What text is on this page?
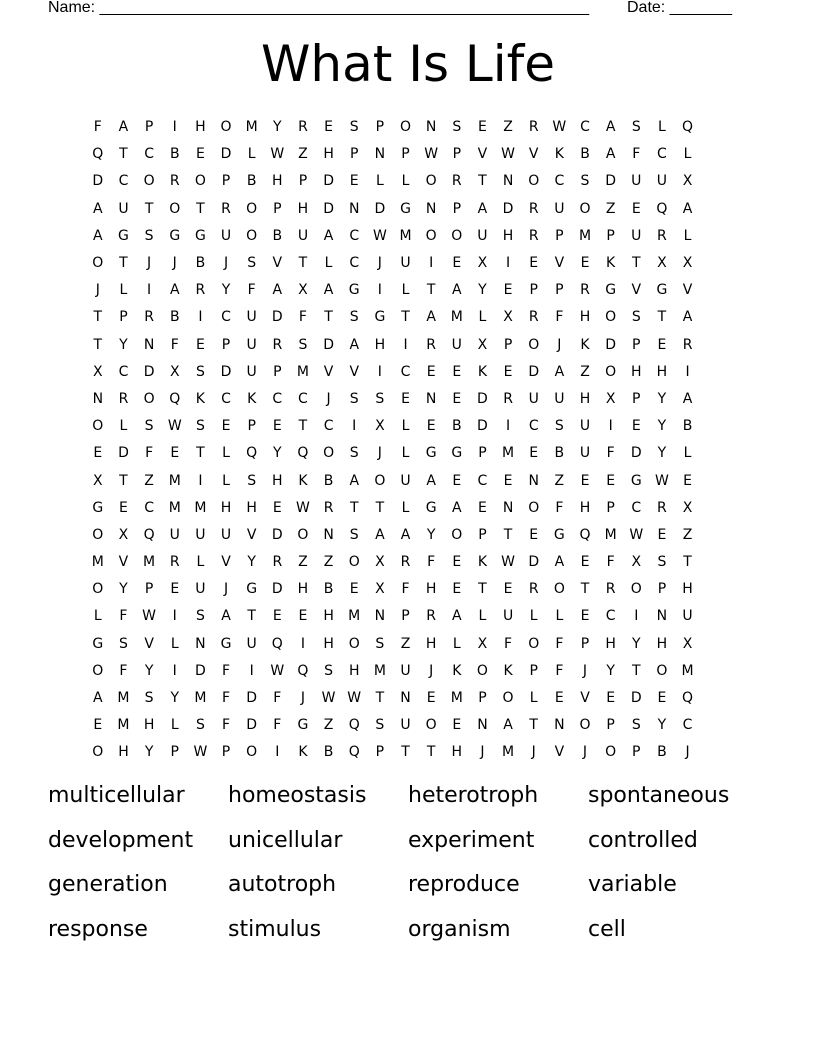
Name: _______________________________________________________ Date: _______
What Is Life
F	A	P	I	H	O	M	Y	R	E	S	P	O	N	S	E	Z	R W C	A	S	L	Q
Q	T	C	B	E	D	L	W Z	H	P	N	P	W	P	V W V	K	B	A	F	C	L
D	C	O	R	O	P	B	H	P	D	E	L	L	O	R	T	N	O	C	S	D	U	U	X
A	U	T	O	T	R	O	P	H	D	N	D	G	N	P	A	D	R	U	O	Z	E	Q	A
A	G	S	G	G	U	O	B	U	A	C W M	O	O	U	H	R	P	M	P	U	R	L
O	T	J	J	B	J	S	V	T	L	C	J	U	I	E	X	I	E	V	E	K	T	X	X
J	L	I	A	R	Y	F	A	X	A	G	I	L	T	A	Y	E	P	P	R	G	V	G	V
T	P	R	B	I	C	U	D	F	T	S	G	T	A	M	L	X	R	F	H	O	S	T	A
T	Y	N	F	E	P	U	R	S	D	A	H	I	R	U	X	P	O	J	K	D	P	E	R
X	C	D	X	S	D	U	P	M	V	V	I	C	E	E	K	E	D	A	Z	O	H	H	I
N	R	O	Q	K	C	K	C	C	J	S	S	E	N	E	D	R	U	U	H	X	P	Y	A
O	L	S	W	S	E	P	E	T	C	I	X	L	E	B	D	I	C	S	U	I	E	Y	B
E	D	F	E	T	L	Q	Y	Q	O	S	J	L	G	G	P	M	E	B	U	F	D	Y	L
X	T	Z	M	I	L	S	H	K	B	A	O	U	A	E	C	E	N	Z	E	E	G W	E
G	E	C	M M	H	H	E	W R	T	T	L	G	A	E	N	O	F	H	P	C	R	X
O	X	Q	U	U	U	V	D	O	N	S	A	A	Y	O	P	T	E	G	Q	M W	E	Z
M	V	M	R	L	V	Y	R	Z	Z	O	X	R	F	E	K	W D	A	E	F	X	S	T
O	Y	P	E	U	J	G	D	H	B	E	X	F	H	E	T	E	R	O	T	R	O	P	H
L	F	W	I	S	A	T	E	E	H	M	N	P	R	A	L	U	L	L	E	C	I	N	U
G	S	V	L	N	G	U	Q	I	H	O	S	Z	H	L	X	F	O	F	P	H	Y	H	X
O	F	Y	I	D	F	I	W Q	S	H	M	U	J	K	O	K	P	F	J	Y	T	O	M
A	M	S	Y	M	F	D	F	J	W W	T	N	E	M	P	O	L	E	V	E	D	E	Q
E	M	H	L	S	F	D	F	G	Z	Q	S	U	O	E	N	A	T	N	O	P	S	Y	C
O	H	Y	P	W	P	O	I	K	B	Q	P	T	T	H	J	M	J	V	J	O	P	B	J
multicellular	homeostasis	heterotroph	spontaneous
development	unicellular	experiment	controlled
generation	autotroph	reproduce	variable
response	stimulus	organism	cell
